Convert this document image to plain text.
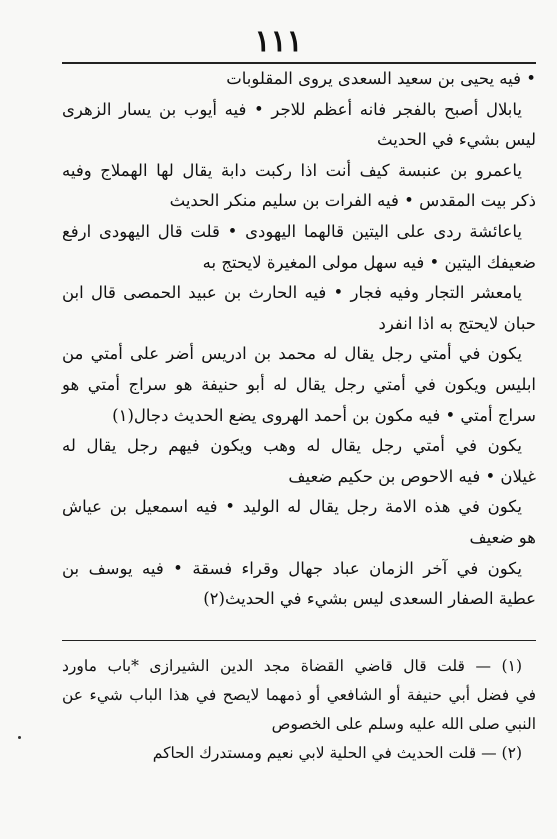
١١١

• فيه يحيى بن سعيد السعدى يروى المقلوبات

يابلال أصبح بالفجر فانه أعظم للاجر • فيه أيوب بن يسار الزهرى
ليس بشيء في الحديث

ياعمرو بن عنبسة كيف أنت اذا ركبت دابة يقال لها الهملاج وفيه
ذكر بيت المقدس • فيه الفرات بن سليم منكر الحديث

ياعائشة ردى على اليتين قالهما اليهودى • قلت قال اليهودى ارفع
ضعيفك اليتين • فيه سهل مولى المغيرة لايحتج به

يامعشر التجار وفيه فجار • فيه الحارث بن عبيد الحمصى قال ابن
حبان لايحتج به اذا انفرد

يكون في أمتي رجل يقال له محمد بن ادريس أضر على أمتي من
ابليس ويكون في أمتي رجل يقال له أبو حنيفة هو سراج أمتي هو
سراج أمتي • فيه مكون بن أحمد الهروى يضع الحديث دجال(١)

يكون في أمتي رجل يقال له وهب ويكون فيهم رجل يقال له
غيلان • فيه الاحوص بن حكيم ضعيف

يكون في هذه الامة رجل يقال له الوليد • فيه اسمعيل بن عياش
هو ضعيف

يكون في آخر الزمان عباد جهال وقراء فسقة • فيه يوسف بن
عطية الصفار السعدى ليس بشيء في الحديث(٢)

(١) — قلت قال قاضي القضاة مجد الدين الشيرازى *باب ماورد
في فضل أبي حنيفة أو الشافعي أو ذمهما لايصح في هذا الباب شيء عن
النبي صلى الله عليه وسلم على الخصوص
(٢) — قلت الحديث في الحلية لابي نعيم ومستدرك الحاكم
